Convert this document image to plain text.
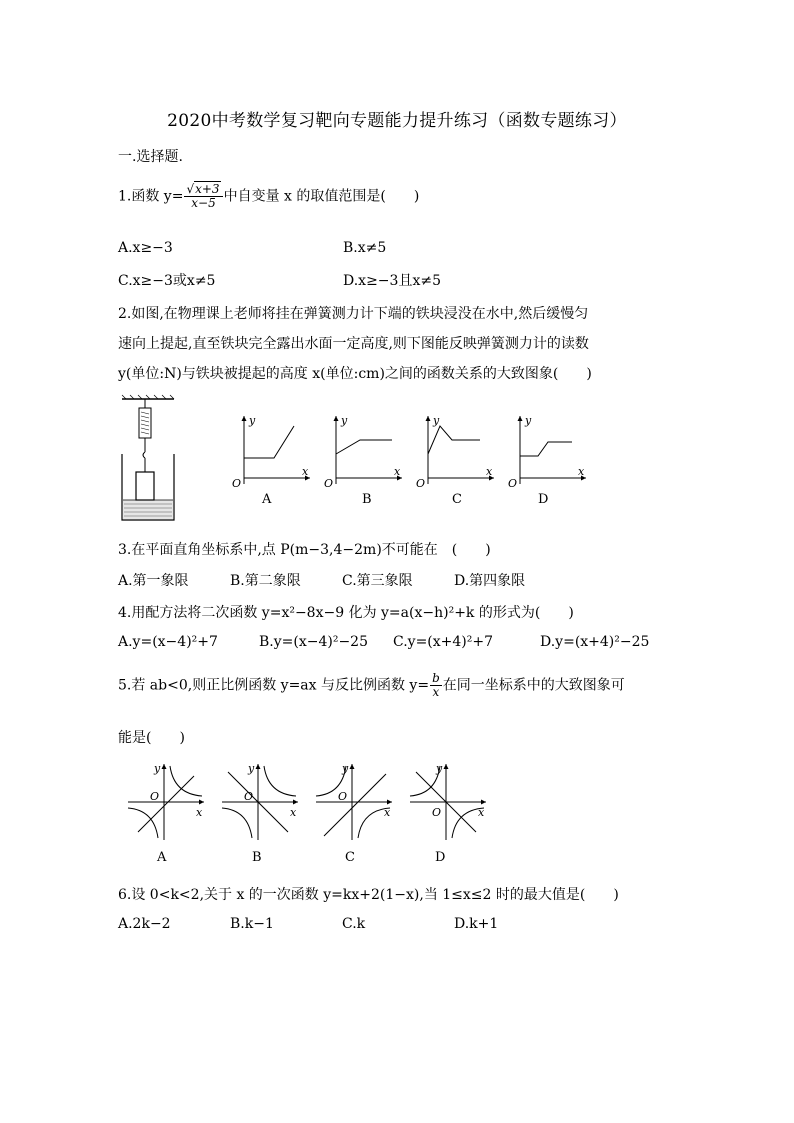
2020中考数学复习靶向专题能力提升练习（函数专题练习）
一.选择题.
1.函数 $y= \frac{√x+3}{x-5}$ 中自变量 x 的取值范围是(　　)
A.x≥−3	B.x≠5
C.x≥−3或x≠5	D.x≥−3且x≠5
2.如图,在物理课上老师将挂在弹簧测力计下端的铁块浸没在水中,然后缓慢匀
速向上提起,直至铁块完全露出水面一定高度,则下图能反映弹簧测力计的读数
y(单位:N)与铁块被提起的高度 x(单位:cm)之间的函数关系的大致图象(　　)
y
x
O
y
x
O
y
x
O
y
x
O
A	B	C	D
3.在平面直角坐标系中,点 P(m−3,4−2m)不可能在　(　　)
A.第一象限	B.第二象限	C.第三象限	D.第四象限
4.用配方法将二次函数 y=x²−8x−9 化为 y=a(x−h)²+k 的形式为(　　)
A.y=(x−4)²+7	B.y=(x−4)²−25 C.y=(x+4)²+7	D.y=(x+4)²−25
5.若 ab<0,则正比例函数 y=ax 与反比例函数 $y= \frac{b}{x}$ 在同一坐标系中的大致图象可
能是(　　)
y
x
O
y
x
O
y
x
O
y
x
O
A	B	C	D
6.设 0<k<2,关于 x 的一次函数 y=kx+2(1−x),当 1≤x≤2 时的最大值是(　　)
A.2k−2	B.k−1	C.k	D.k+1
